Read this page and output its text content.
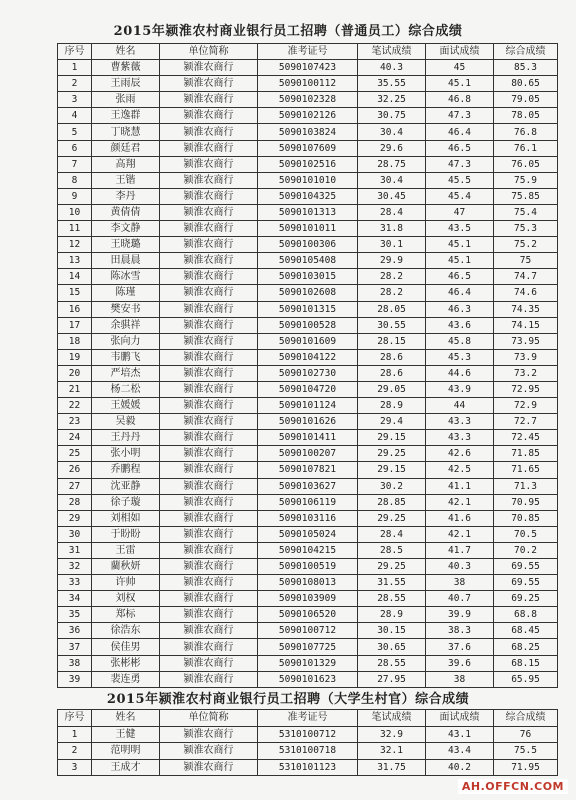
2015年颍淮农村商业银行员工招聘（普通员工）综合成绩
序号	姓名	单位简称	准考证号	笔试成绩	面试成绩	综合成绩
1	曹紫薇	颍淮农商行	5090107423	40.3	45	85.3
2	王雨辰	颍淮农商行	5090100112	35.55	45.1	80.65
3	张雨	颍淮农商行	5090102328	32.25	46.8	79.05
4	王逸群	颍淮农商行	5090102126	30.75	47.3	78.05
5	丁晓慧	颍淮农商行	5090103824	30.4	46.4	76.8
6	颜廷君	颍淮农商行	5090107609	29.6	46.5	76.1
7	高翔	颍淮农商行	5090102516	28.75	47.3	76.05
8	王锴	颍淮农商行	5090101010	30.4	45.5	75.9
9	李丹	颍淮农商行	5090104325	30.45	45.4	75.85
10	黄倩倩	颍淮农商行	5090101313	28.4	47	75.4
11	李文静	颍淮农商行	5090101011	31.8	43.5	75.3
12	王晓璐	颍淮农商行	5090100306	30.1	45.1	75.2
13	田晨晨	颍淮农商行	5090105408	29.9	45.1	75
14	陈冰雪	颍淮农商行	5090103015	28.2	46.5	74.7
15	陈瑾	颍淮农商行	5090102608	28.2	46.4	74.6
16	樊安书	颍淮农商行	5090101315	28.05	46.3	74.35
17	余骐祥	颍淮农商行	5090100528	30.55	43.6	74.15
18	张向力	颍淮农商行	5090101609	28.15	45.8	73.95
19	韦鹏飞	颍淮农商行	5090104122	28.6	45.3	73.9
20	严培杰	颍淮农商行	5090102730	28.6	44.6	73.2
21	杨二松	颍淮农商行	5090104720	29.05	43.9	72.95
22	王媛媛	颍淮农商行	5090101124	28.9	44	72.9
23	吴毅	颍淮农商行	5090101626	29.4	43.3	72.7
24	王丹丹	颍淮农商行	5090101411	29.15	43.3	72.45
25	张小明	颍淮农商行	5090100207	29.25	42.6	71.85
26	乔鹏程	颍淮农商行	5090107821	29.15	42.5	71.65
27	沈亚静	颍淮农商行	5090103627	30.2	41.1	71.3
28	徐子璇	颍淮农商行	5090106119	28.85	42.1	70.95
29	刘相如	颍淮农商行	5090103116	29.25	41.6	70.85
30	于盼盼	颍淮农商行	5090105024	28.4	42.1	70.5
31	王雷	颍淮农商行	5090104215	28.5	41.7	70.2
32	藺秋妍	颍淮农商行	5090100519	29.25	40.3	69.55
33	许帅	颍淮农商行	5090108013	31.55	38	69.55
34	刘权	颍淮农商行	5090103909	28.55	40.7	69.25
35	郑标	颍淮农商行	5090106520	28.9	39.9	68.8
36	徐浩东	颍淮农商行	5090100712	30.15	38.3	68.45
37	侯佳男	颍淮农商行	5090107725	30.65	37.6	68.25
38	张彬彬	颍淮农商行	5090101329	28.55	39.6	68.15
39	裴连勇	颍淮农商行	5090101623	27.95	38	65.95
2015年颍淮农村商业银行员工招聘（大学生村官）综合成绩
序号	姓名	单位简称	准考证号	笔试成绩	面试成绩	综合成绩
1	王健	颍淮农商行	5310100712	32.9	43.1	76
2	范明明	颍淮农商行	5310100718	32.1	43.4	75.5
3	王成才	颍淮农商行	5310101123	31.75	40.2	71.95
AH.OFFCN.COM
